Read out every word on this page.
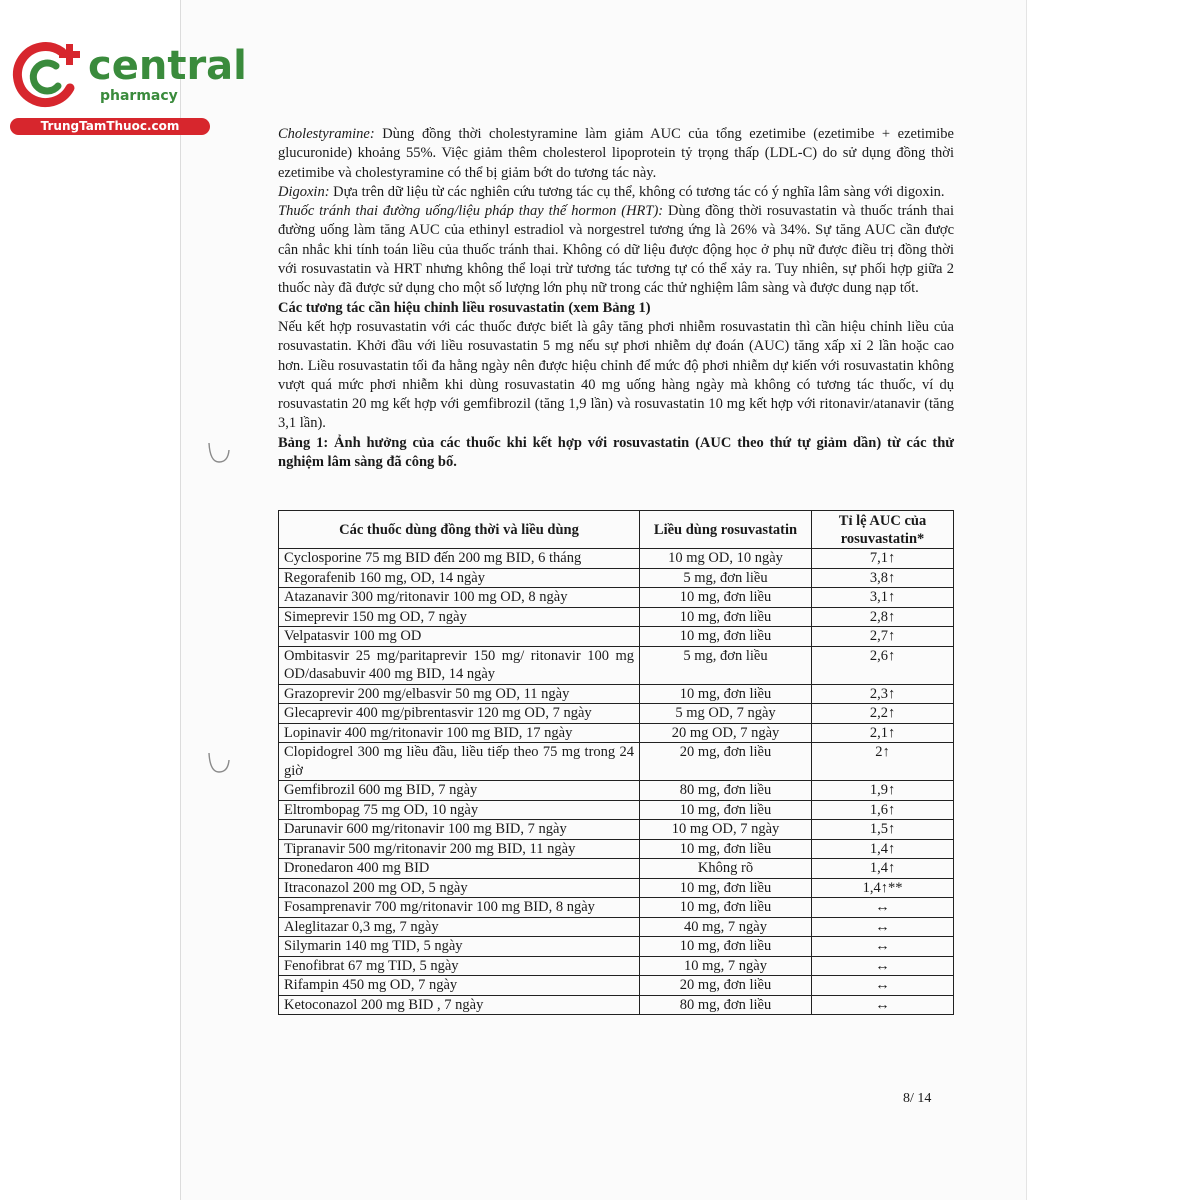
central
pharmacy
TrungTamThuoc.com	Cholestyramine: Dùng đồng thời cholestyramine làm giảm AUC của tổng ezetimibe (ezetimibe + ezetimibe glucuronide) khoảng 55%. Việc giảm thêm cholesterol lipoprotein tỷ trọng thấp (LDL-C) do sử dụng đồng thời ezetimibe và cholestyramine có thể bị giảm bớt do tương tác này.

Digoxin: Dựa trên dữ liệu từ các nghiên cứu tương tác cụ thể, không có tương tác có ý nghĩa lâm sàng với digoxin.

Thuốc tránh thai đường uống/liệu pháp thay thế hormon (HRT): Dùng đồng thời rosuvastatin và thuốc tránh thai đường uống làm tăng AUC của ethinyl estradiol và norgestrel tương ứng là 26% và 34%. Sự tăng AUC cần được cân nhắc khi tính toán liều của thuốc tránh thai. Không có dữ liệu được động học ở phụ nữ được điều trị đồng thời với rosuvastatin và HRT nhưng không thể loại trừ tương tác tương tự có thể xảy ra. Tuy nhiên, sự phối hợp giữa 2 thuốc này đã được sử dụng cho một số lượng lớn phụ nữ trong các thử nghiệm lâm sàng và được dung nạp tốt.

Các tương tác cần hiệu chỉnh liều rosuvastatin (xem Bảng 1)

Nếu kết hợp rosuvastatin với các thuốc được biết là gây tăng phơi nhiễm rosuvastatin thì cần hiệu chỉnh liều của rosuvastatin. Khởi đầu với liều rosuvastatin 5 mg nếu sự phơi nhiễm dự đoán (AUC) tăng xấp xỉ 2 lần hoặc cao hơn. Liều rosuvastatin tối đa hằng ngày nên được hiệu chỉnh để mức độ phơi nhiễm dự kiến với rosuvastatin không vượt quá mức phơi nhiễm khi dùng rosuvastatin 40 mg uống hàng ngày mà không có tương tác thuốc, ví dụ rosuvastatin 20 mg kết hợp với gemfibrozil (tăng 1,9 lần) và rosuvastatin 10 mg kết hợp với ritonavir/atanavir (tăng 3,1 lần).

Bảng 1: Ảnh hưởng của các thuốc khi kết hợp với rosuvastatin (AUC theo thứ tự giảm dần) từ các thử nghiệm lâm sàng đã công bố.

Các thuốc dùng đồng thời và liều dùng	Liều dùng rosuvastatin	Tỉ lệ AUC của rosuvastatin*
Cyclosporine 75 mg BID đến 200 mg BID, 6 tháng	10 mg OD, 10 ngày	7,1↑
Regorafenib 160 mg, OD, 14 ngày	5 mg, đơn liều	3,8↑
Atazanavir 300 mg/ritonavir 100 mg OD, 8 ngày	10 mg, đơn liều	3,1↑
Simeprevir 150 mg OD, 7 ngày	10 mg, đơn liều	2,8↑
Velpatasvir 100 mg OD	10 mg, đơn liều	2,7↑
Ombitasvir 25 mg/paritaprevir 150 mg/ ritonavir 100 mg OD/dasabuvir 400 mg BID, 14 ngày	5 mg, đơn liều	2,6↑
Grazoprevir 200 mg/elbasvir 50 mg OD, 11 ngày	10 mg, đơn liều	2,3↑
Glecaprevir 400 mg/pibrentasvir 120 mg OD, 7 ngày	5 mg OD, 7 ngày	2,2↑
Lopinavir 400 mg/ritonavir 100 mg BID, 17 ngày	20 mg OD, 7 ngày	2,1↑
Clopidogrel 300 mg liều đầu, liều tiếp theo 75 mg trong 24 giờ	20 mg, đơn liều	2↑
Gemfibrozil 600 mg BID, 7 ngày	80 mg, đơn liều	1,9↑
Eltrombopag 75 mg OD, 10 ngày	10 mg, đơn liều	1,6↑
Darunavir 600 mg/ritonavir 100 mg BID, 7 ngày	10 mg OD, 7 ngày	1,5↑
Tipranavir 500 mg/ritonavir 200 mg BID, 11 ngày	10 mg, đơn liều	1,4↑
Dronedaron 400 mg BID	Không rõ	1,4↑
Itraconazol 200 mg OD, 5 ngày	10 mg, đơn liều	1,4↑**
Fosamprenavir 700 mg/ritonavir 100 mg BID, 8 ngày	10 mg, đơn liều	↔
Aleglitazar 0,3 mg, 7 ngày	40 mg, 7 ngày	↔
Silymarin 140 mg TID, 5 ngày	10 mg, đơn liều	↔
Fenofibrat 67 mg TID, 5 ngày	10 mg, 7 ngày	↔
Rifampin 450 mg OD, 7 ngày	20 mg, đơn liều	↔
Ketoconazol 200 mg BID , 7 ngày	80 mg, đơn liều	↔
8/ 14
